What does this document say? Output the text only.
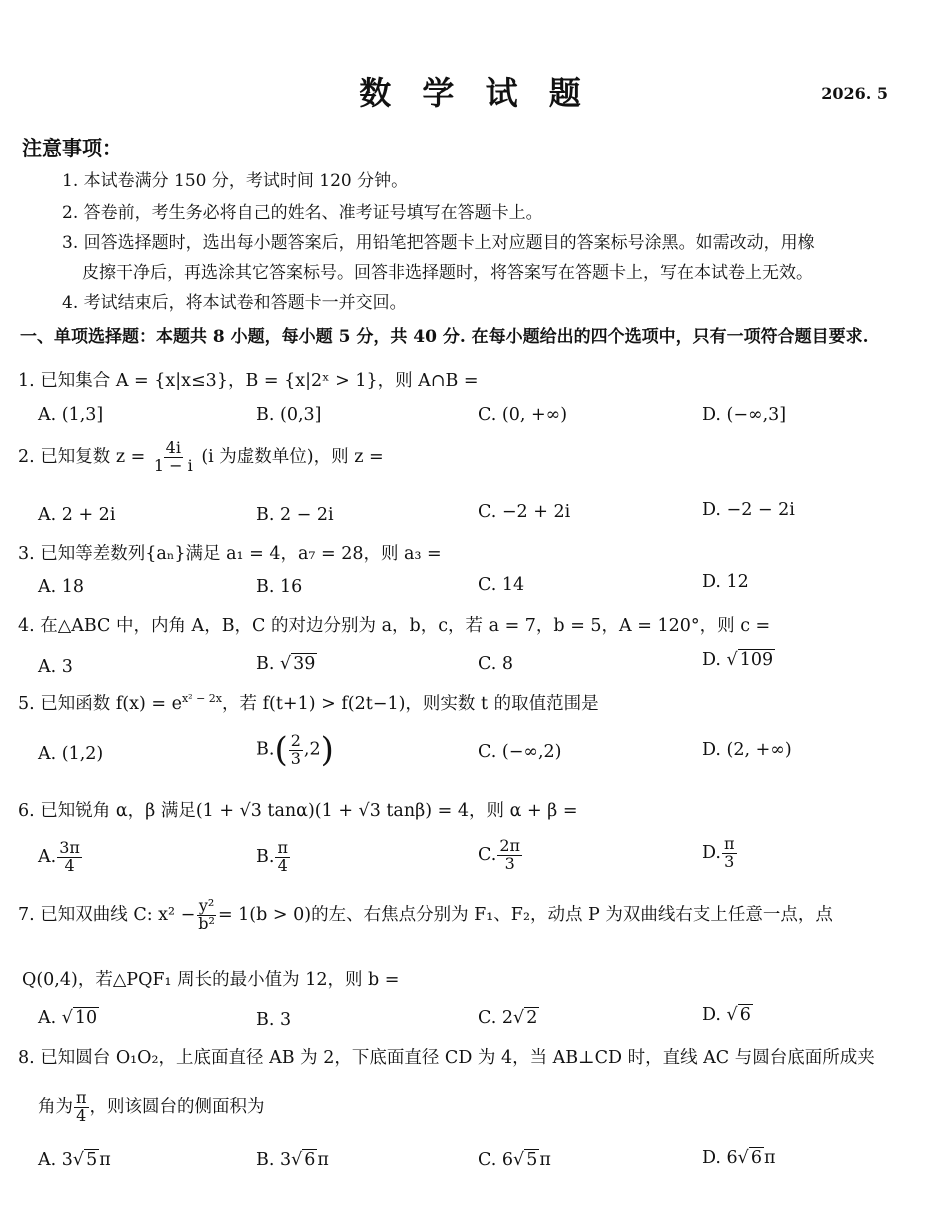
数 学 试 题	2026. 5
注意事项：
1. 本试卷满分 150 分，考试时间 120 分钟。
2. 答卷前，考生务必将自己的姓名、准考证号填写在答题卡上。
3. 回答选择题时，选出每小题答案后，用铅笔把答题卡上对应题目的答案标号涂黑。如需改动，用橡
皮擦干净后，再选涂其它答案标号。回答非选择题时，将答案写在答题卡上，写在本试卷上无效。
4. 考试结束后，将本试卷和答题卡一并交回。
一、单项选择题：本题共 8 小题，每小题 5 分，共 40 分. 在每小题给出的四个选项中，只有一项符合题目要求.
1. 已知集合 A = {x|x≤3}，B = {x|2ˣ > 1}，则 A∩B =
A. (1,3]	B. (0,3]	C. (0, +∞)	D. (−∞,3]
2. 已知复数 $z = \frac{4i}{1 - i} (i$ 为虚数单位)，则 z =
A. 2 + 2i	B. 2 − 2i	C. −2 + 2i	D. −2 − 2i
3. 已知等差数列{aₙ}满足 a₁ = 4，a₇ = 28，则 a₃ =
A. 18	B. 16	C. 14	D. 12
4. 在△ABC 中，内角 A，B，C 的对边分别为 a，b，c，若 a = 7，b = 5，A = 120°，则 c =
A. 3	B. √ 39	C. 8	D. √ 109
5. 已知函数 $f(x) = e^{x^2 - 2x}$，若 f(t+1) > f(2t−1)，则实数 t 的取值范围是
A. (1,2)	$B.( \frac{2}{3} ,2)$	C. (−∞,2)	D. (2, +∞)
6. 已知锐角 α，β 满足(1 + √3 tanα)(1 + √3 tanβ) = 4，则 α + β =
A. $\frac{3\pi}{4}$	B. $\frac{\pi}{4}$	C. $\frac{2\pi}{3}$	D. $\frac{\pi}{3}$
7. 已知双曲线 C: $x^2 - \frac{\text{y²}}{\text{b²}} = 1(b > 0)$的左、右焦点分别为 F₁、F₂，动点 P 为双曲线右支上任意一点，点
Q(0,4)，若△PQF₁ 周长的最小值为 12，则 b =
A. √ 10	B. 3	C. 2√ 2	D. √ 6
8. 已知圆台 O₁O₂，上底面直径 AB 为 2，下底面直径 CD 为 4，当 AB⊥CD 时，直线 AC 与圆台底面所成夹
角为 $\frac{\pi}{4}$ ，则该圆台的侧面积为
A. 3√ 5 π	B. 3√ 6 π	C. 6√ 5 π	D. 6√ 6 π
